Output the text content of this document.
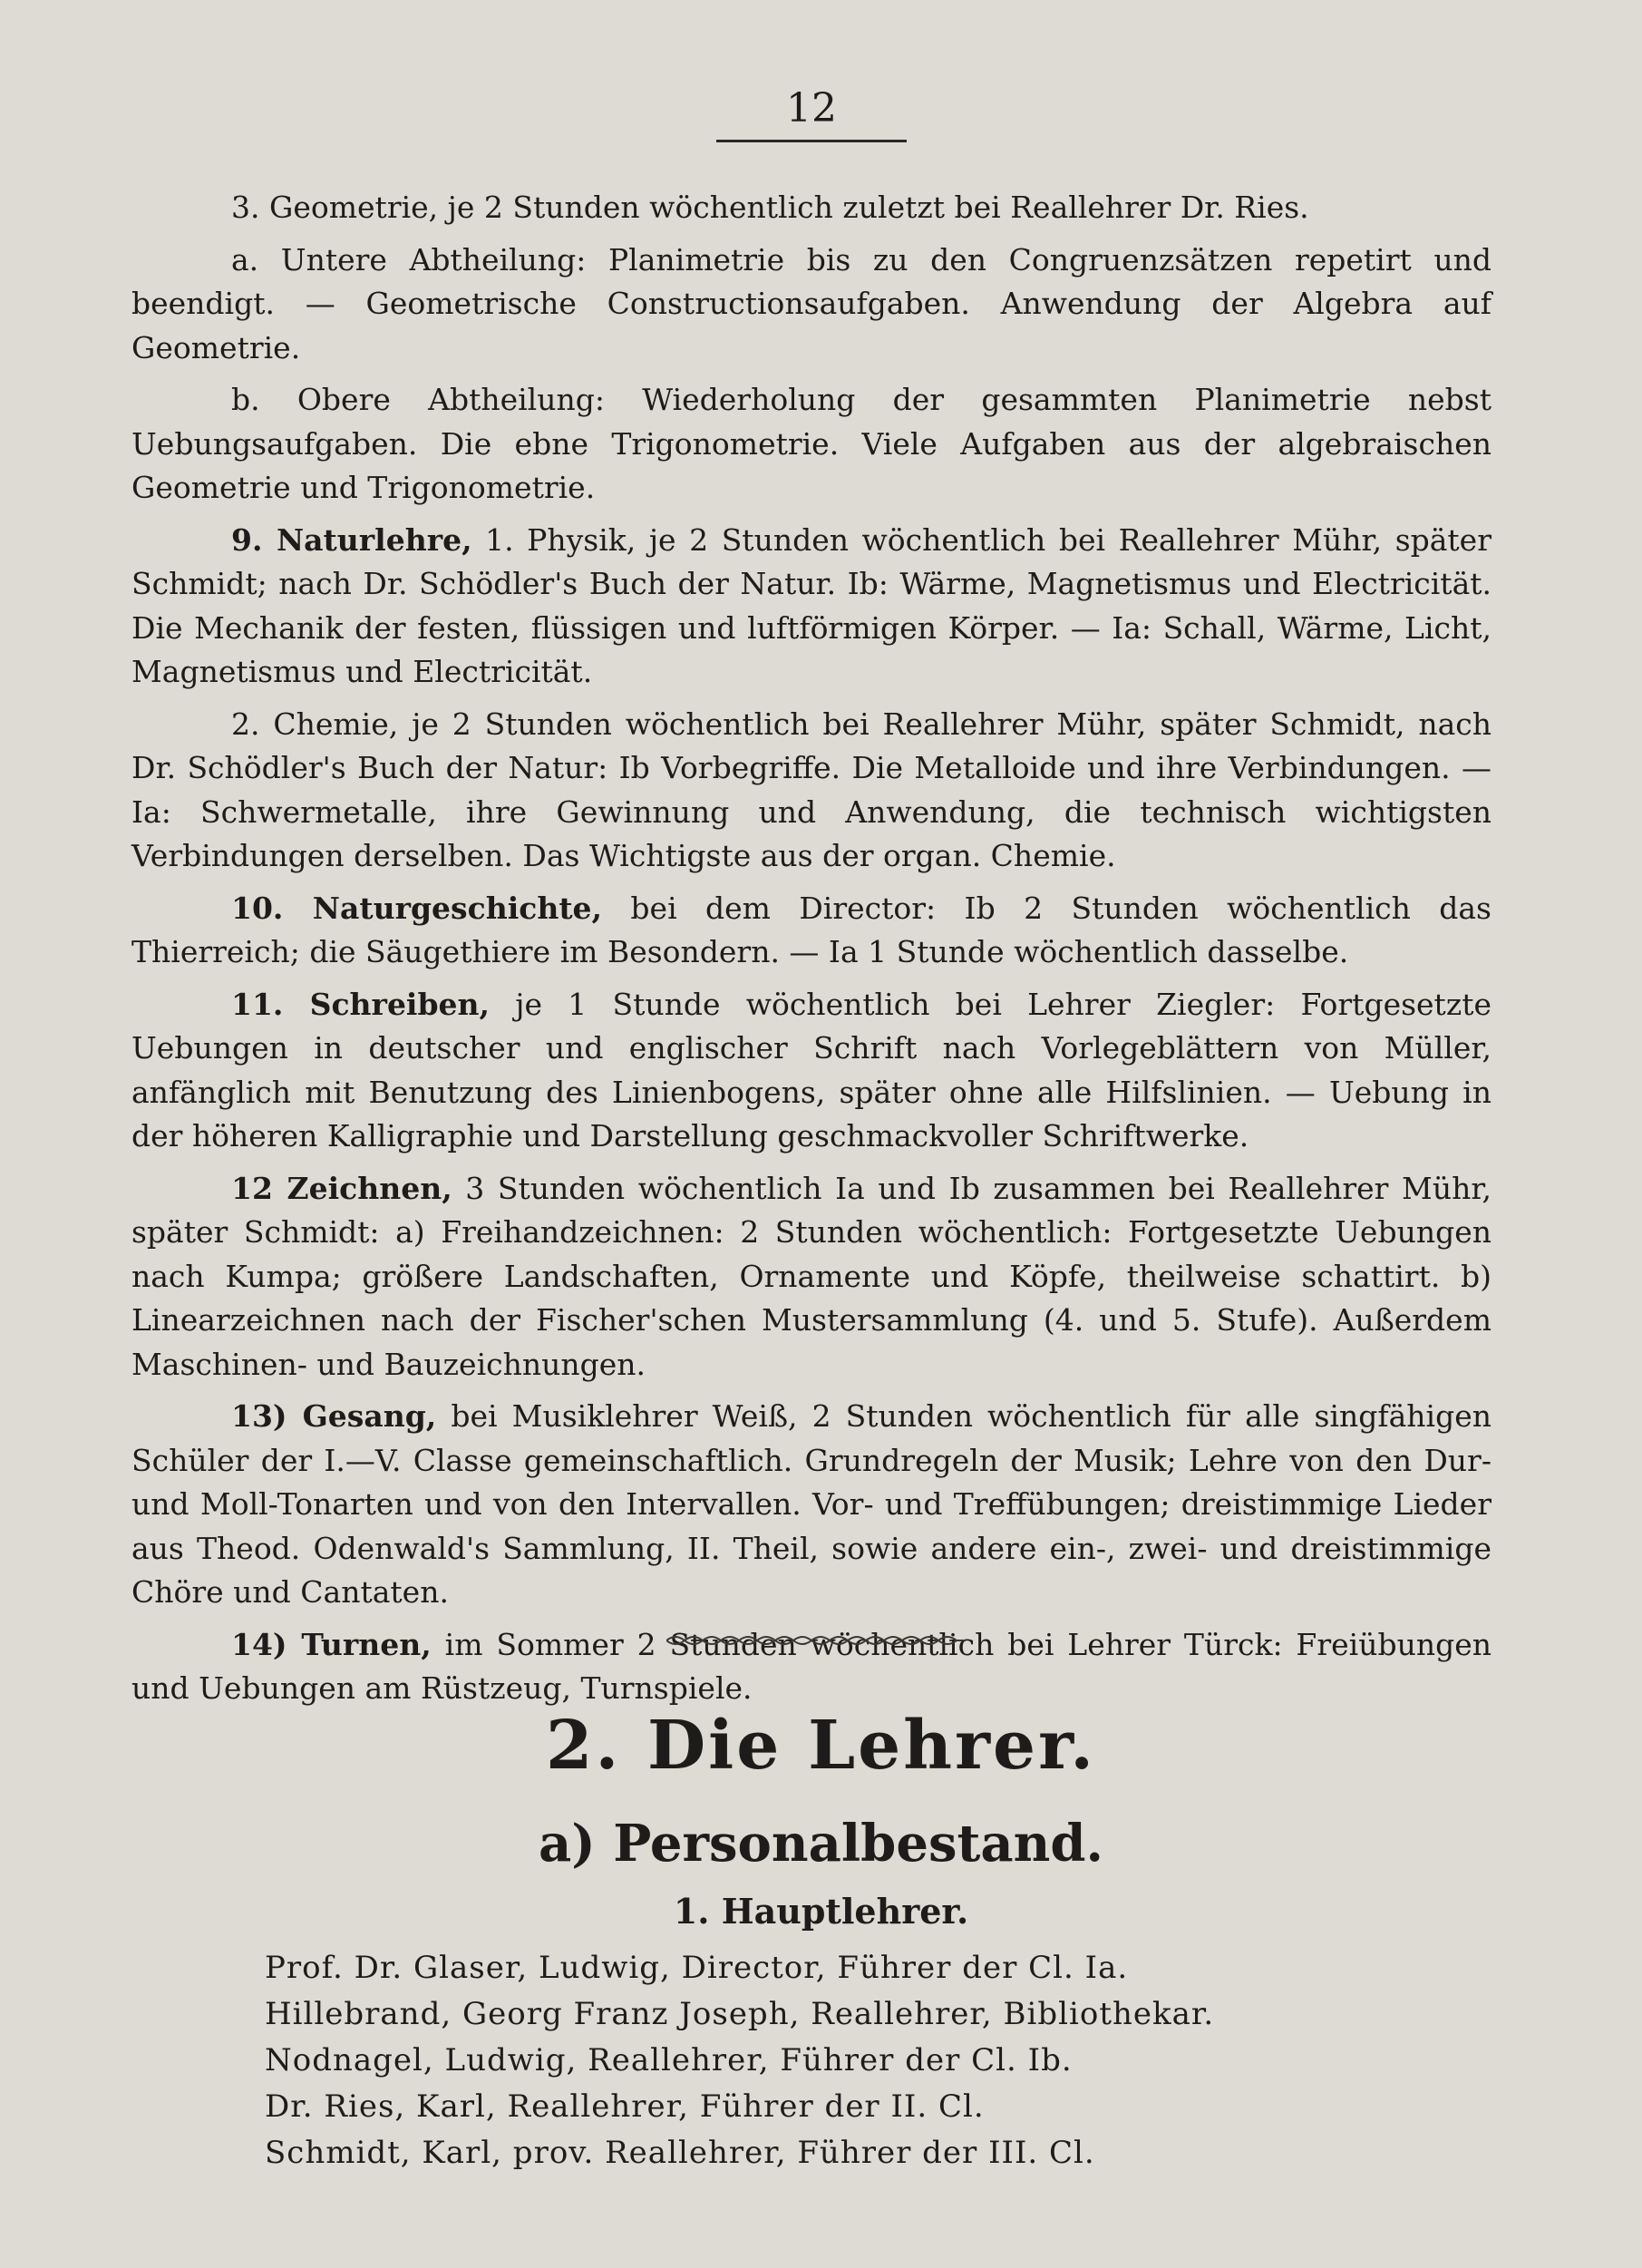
12

3. Geometrie, je 2 Stunden wöchentlich zuletzt bei Reallehrer Dr. Ries.

a. Untere Abtheilung: Planimetrie bis zu den Congruenzsätzen repetirt und beendigt. — Geometrische Constructionsaufgaben. Anwendung der Algebra auf Geometrie.

b. Obere Abtheilung: Wiederholung der gesammten Planimetrie nebst Uebungsaufgaben. Die ebne Trigonometrie. Viele Aufgaben aus der algebraischen Geometrie und Trigonometrie.

9. Naturlehre, 1. Physik, je 2 Stunden wöchentlich bei Reallehrer Mühr, später Schmidt; nach Dr. Schödler's Buch der Natur. Ib: Wärme, Magnetismus und Electricität. Die Mechanik der festen, flüssigen und luftförmigen Körper. — Ia: Schall, Wärme, Licht, Magnetismus und Electricität.

2. Chemie, je 2 Stunden wöchentlich bei Reallehrer Mühr, später Schmidt, nach Dr. Schödler's Buch der Natur: Ib Vorbegriffe. Die Metalloide und ihre Verbindungen. — Ia: Schwermetalle, ihre Gewinnung und Anwendung, die technisch wichtigsten Verbindungen derselben. Das Wichtigste aus der organ. Chemie.

10. Naturgeschichte, bei dem Director: Ib 2 Stunden wöchentlich das Thierreich; die Säugethiere im Besondern. — Ia 1 Stunde wöchentlich dasselbe.

11. Schreiben, je 1 Stunde wöchentlich bei Lehrer Ziegler: Fortgesetzte Uebungen in deutscher und englischer Schrift nach Vorlegeblättern von Müller, anfänglich mit Benutzung des Linienbogens, später ohne alle Hilfslinien. — Uebung in der höheren Kalligraphie und Darstellung geschmackvoller Schriftwerke.

12 Zeichnen, 3 Stunden wöchentlich Ia und Ib zusammen bei Reallehrer Mühr, später Schmidt: a) Freihandzeichnen: 2 Stunden wöchentlich: Fortgesetzte Uebungen nach Kumpa; größere Landschaften, Ornamente und Köpfe, theilweise schattirt. b) Linearzeichnen nach der Fischer'schen Mustersammlung (4. und 5. Stufe). Außerdem Maschinen- und Bauzeichnungen.

13) Gesang, bei Musiklehrer Weiß, 2 Stunden wöchentlich für alle singfähigen Schüler der I.—V. Classe gemeinschaftlich. Grundregeln der Musik; Lehre von den Dur- und Moll-Tonarten und von den Intervallen. Vor- und Treffübungen; dreistimmige Lieder aus Theod. Odenwald's Sammlung, II. Theil, sowie andere ein-, zwei- und dreistimmige Chöre und Cantaten.

14) Turnen, im Sommer 2 Stunden wöchentlich bei Lehrer Türck: Freiübungen und Uebungen am Rüstzeug, Turnspiele.

2. Die Lehrer.
a) Personalbestand.
1. Hauptlehrer.
Prof. Dr. Glaser, Ludwig, Director, Führer der Cl. Ia.
Hillebrand, Georg Franz Joseph, Reallehrer, Bibliothekar.
Nodnagel, Ludwig, Reallehrer, Führer der Cl. Ib.
Dr. Ries, Karl, Reallehrer, Führer der II. Cl.
Schmidt, Karl, prov. Reallehrer, Führer der III. Cl.
